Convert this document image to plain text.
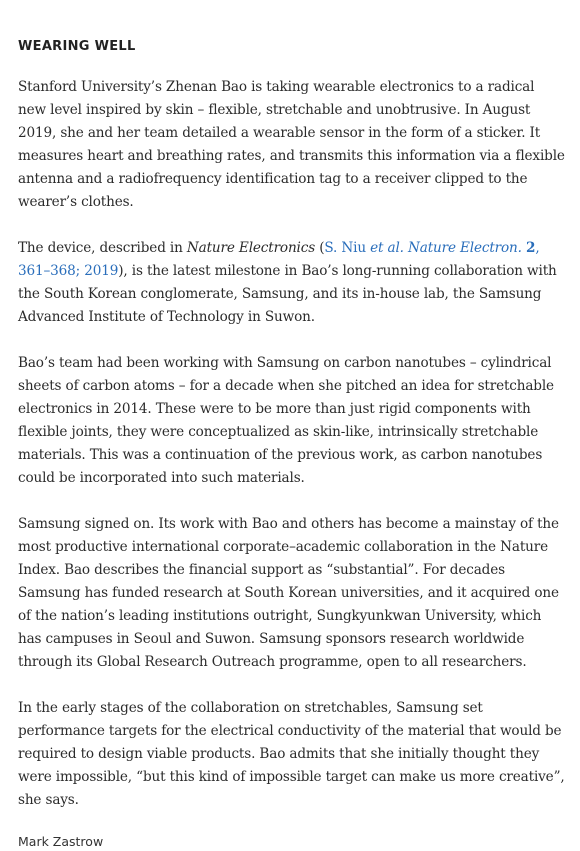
WEARING WELL

Stanford University’s Zhenan Bao is taking wearable electronics to a radical new level inspired by skin – flexible, stretchable and unobtrusive. In August 2019, she and her team detailed a wearable sensor in the form of a sticker. It measures heart and breathing rates, and transmits this information via a flexible antenna and a radiofrequency identification tag to a receiver clipped to the wearer’s clothes.

The device, described in Nature Electronics (S. Niu et al. Nature Electron. 2, 361–368; 2019), is the latest milestone in Bao’s long-running collaboration with the South Korean conglomerate, Samsung, and its in-house lab, the Samsung Advanced Institute of Technology in Suwon.

Bao’s team had been working with Samsung on carbon nanotubes – cylindrical sheets of carbon atoms – for a decade when she pitched an idea for stretchable electronics in 2014. These were to be more than just rigid components with flexible joints, they were conceptualized as skin-like, intrinsically stretchable materials. This was a continuation of the previous work, as carbon nanotubes could be incorporated into such materials.

Samsung signed on. Its work with Bao and others has become a mainstay of the most productive international corporate–academic collaboration in the Nature Index. Bao describes the financial support as “substantial”. For decades Samsung has funded research at South Korean universities, and it acquired one of the nation’s leading institutions outright, Sungkyunkwan University, which has campuses in Seoul and Suwon. Samsung sponsors research worldwide through its Global Research Outreach programme, open to all researchers.

In the early stages of the collaboration on stretchables, Samsung set performance targets for the electrical conductivity of the material that would be required to design viable products. Bao admits that she initially thought they were impossible, “but this kind of impossible target can make us more creative”, she says.

Mark Zastrow
